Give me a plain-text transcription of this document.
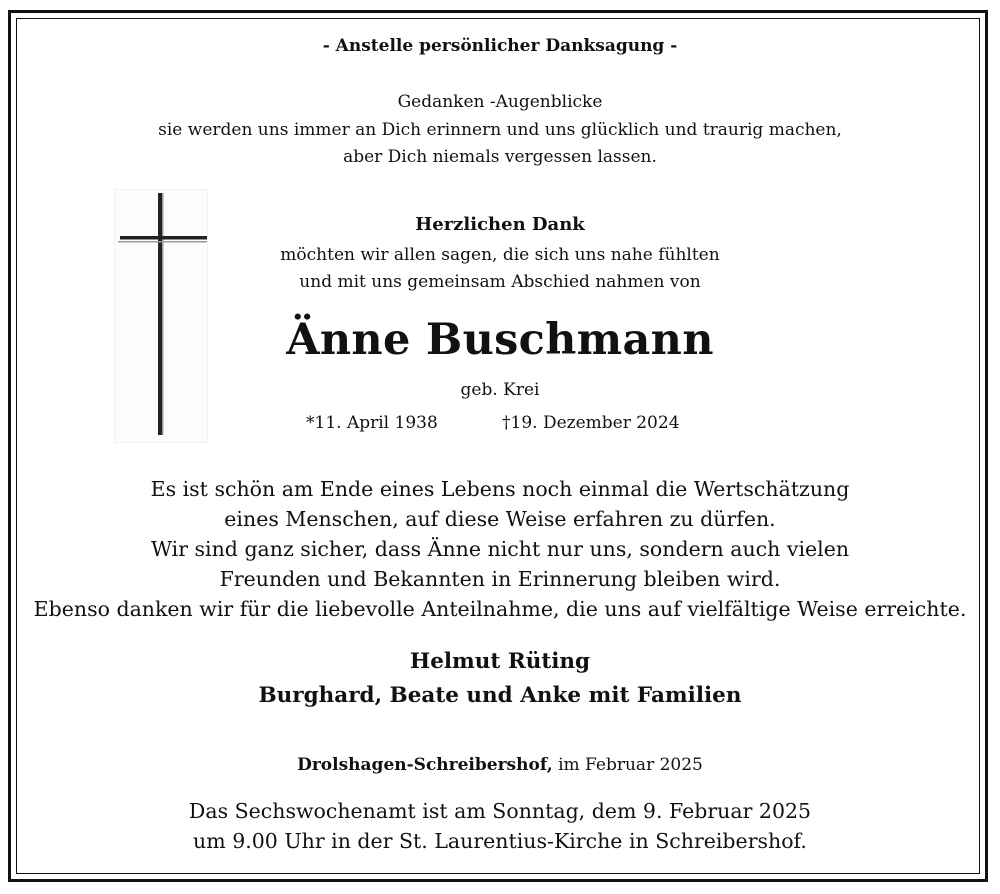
- Anstelle persönlicher Danksagung -
Gedanken -Augenblicke
sie werden uns immer an Dich erinnern und uns glücklich und traurig machen,
aber Dich niemals vergessen lassen.
Herzlichen Dank
möchten wir allen sagen, die sich uns nahe fühlten
und mit uns gemeinsam Abschied nahmen von
Änne Buschmann
geb. Krei
*11. April 1938	†19. Dezember 2024
Es ist schön am Ende eines Lebens noch einmal die Wertschätzung
eines Menschen, auf diese Weise erfahren zu dürfen.
Wir sind ganz sicher, dass Änne nicht nur uns, sondern auch vielen
Freunden und Bekannten in Erinnerung bleiben wird.
Ebenso danken wir für die liebevolle Anteilnahme, die uns auf vielfältige Weise erreichte.
Helmut Rüting
Burghard, Beate und Anke mit Familien
Drolshagen-Schreibershof, im Februar 2025
Das Sechswochenamt ist am Sonntag, dem 9. Februar 2025
um 9.00 Uhr in der St. Laurentius-Kirche in Schreibershof.
